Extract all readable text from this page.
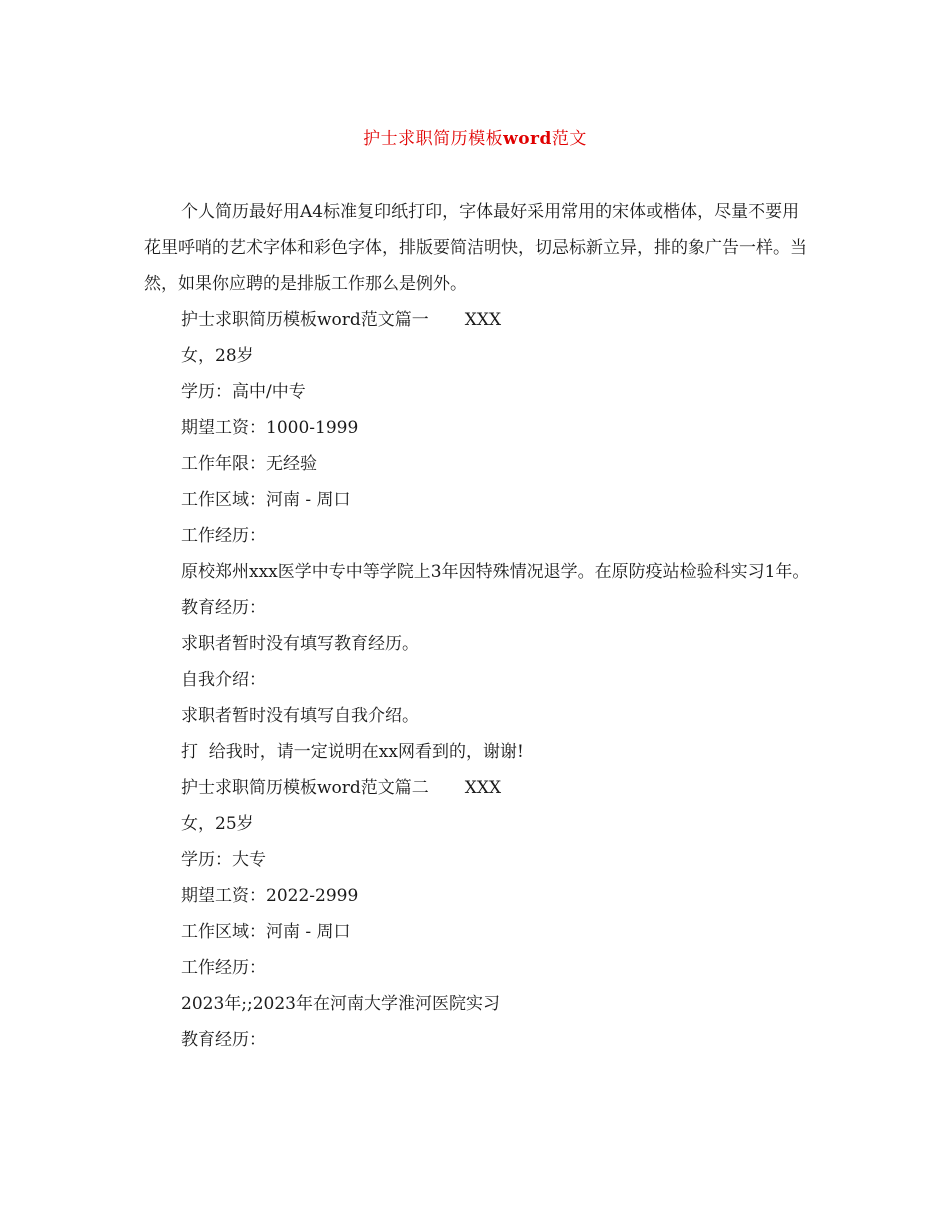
护士求职简历模板word范文

个人简历最好用A4标准复印纸打印，字体最好采用常用的宋体或楷体，尽量不要用花里呼哨的艺术字体和彩色字体，排版要简洁明快，切忌标新立异，排的象广告一样。当然，如果你应聘的是排版工作那么是例外。

护士求职简历模板word范文篇一 XXX
女，28岁
学历：高中/中专
期望工资：1000-1999
工作年限：无经验
工作区域：河南 - 周口
工作经历：

原校郑州xxx医学中专中等学院上3年因特殊情况退学。在原防疫站检验科实习1年。

教育经历：
求职者暂时没有填写教育经历。
自我介绍：
求职者暂时没有填写自我介绍。
打  给我时，请一定说明在xx网看到的，谢谢!
护士求职简历模板word范文篇二 XXX
女，25岁
学历：大专
期望工资：2022-2999
工作区域：河南 - 周口
工作经历：
2023年;;2023年在河南大学淮河医院实习
教育经历：
